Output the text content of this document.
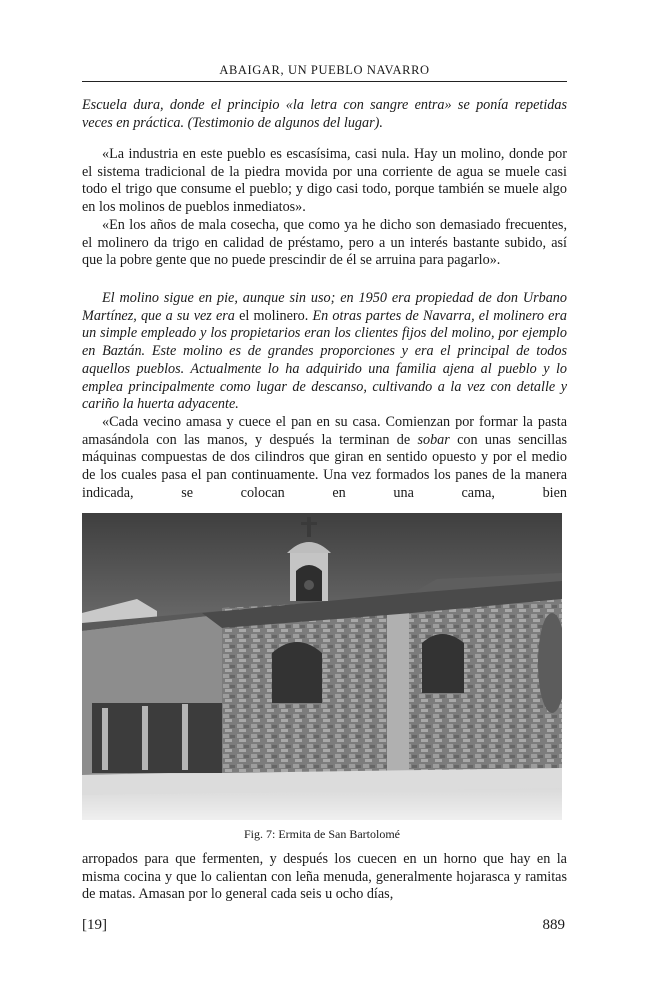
ABAIGAR, UN PUEBLO NAVARRO

Escuela dura, donde el principio «la letra con sangre entra» se ponía repetidas veces en práctica. (Testimonio de algunos del lugar).

«La industria en este pueblo es escasísima, casi nula. Hay un molino, donde por el sistema tradicional de la piedra movida por una corriente de agua se muele casi todo el trigo que consume el pueblo; y digo casi todo, porque también se muele algo en los molinos de pueblos inmediatos».

«En los años de mala cosecha, que como ya he dicho son demasiado frecuentes, el molinero da trigo en calidad de préstamo, pero a un interés bastante subido, así que la pobre gente que no puede prescindir de él se arruina para pagarlo».

El molino sigue en pie, aunque sin uso; en 1950 era propiedad de don Urbano Martínez, que a su vez era el molinero. En otras partes de Navarra, el molinero era un simple empleado y los propietarios eran los clientes fijos del molino, por ejemplo en Baztán. Este molino es de grandes proporciones y era el principal de todos aquellos pueblos. Actualmente lo ha adquirido una familia ajena al pueblo y lo emplea principalmente como lugar de descanso, cultivando a la vez con detalle y cariño la huerta adyacente.

«Cada vecino amasa y cuece el pan en su casa. Comienzan por formar la pasta amasándola con las manos, y después la terminan de sobar con unas sencillas máquinas compuestas de dos cilindros que giran en sentido opuesto y por el medio de los cuales pasa el pan continuamente. Una vez formados los panes de la manera indicada, se colocan en una cama, bien

Fig. 7: Ermita de San Bartolomé

arropados para que fermenten, y después los cuecen en un horno que hay en la misma cocina y que lo calientan con leña menuda, generalmente hojarasca y ramitas de matas. Amasan por lo general cada seis u ocho días,

[19]	889
